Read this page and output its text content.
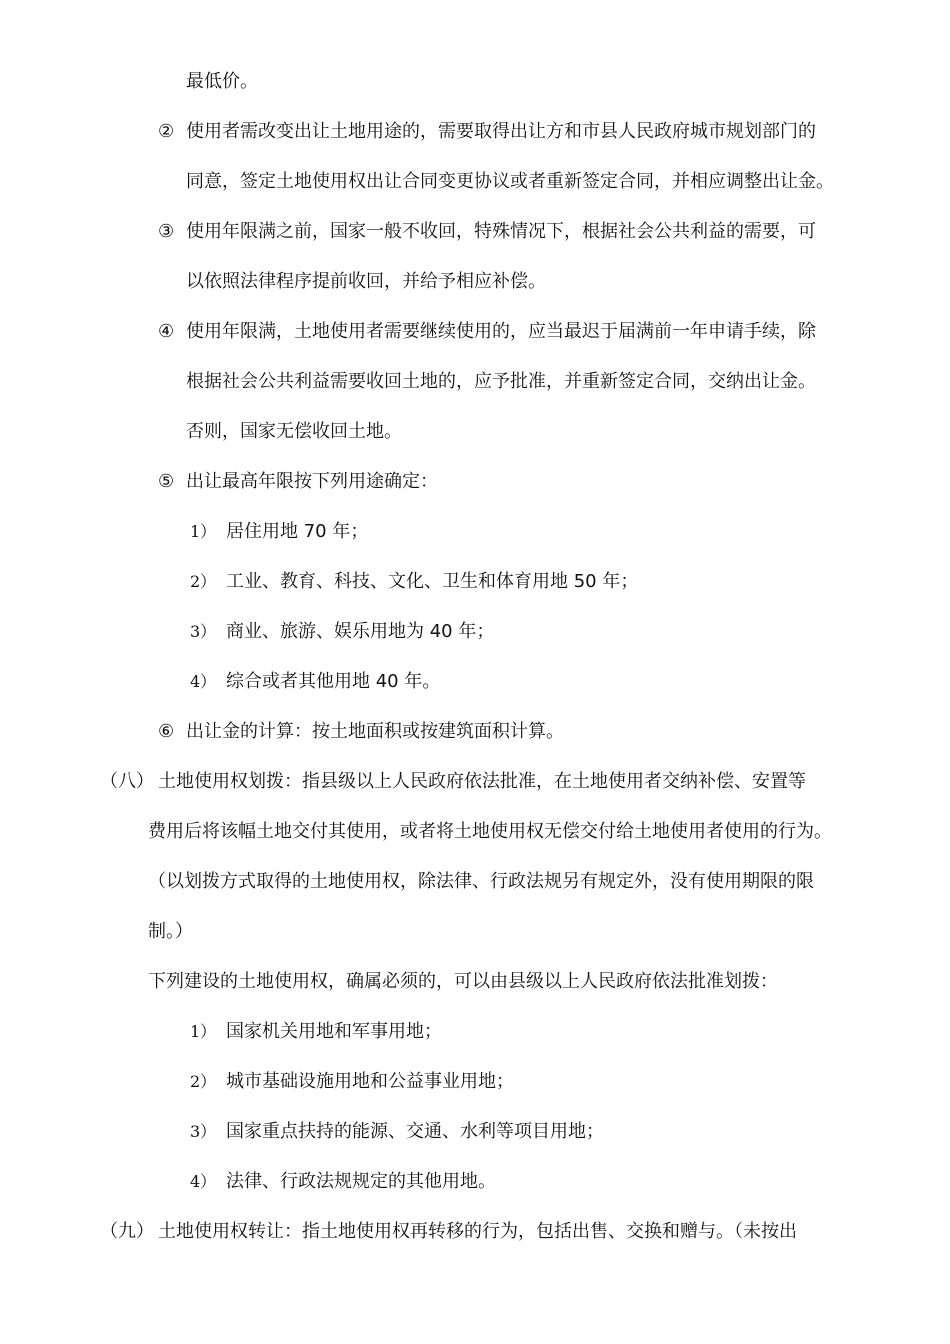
最低价。
② 使用者需改变出让土地用途的，需要取得出让方和市县人民政府城市规划部门的
同意，签定土地使用权出让合同变更协议或者重新签定合同，并相应调整出让金。
③ 使用年限满之前，国家一般不收回，特殊情况下，根据社会公共利益的需要，可
以依照法律程序提前收回，并给予相应补偿。
④ 使用年限满，土地使用者需要继续使用的，应当最迟于届满前一年申请手续，除
根据社会公共利益需要收回土地的，应予批准，并重新签定合同，交纳出让金。
否则，国家无偿收回土地。
⑤ 出让最高年限按下列用途确定：
1） 居住用地 70 年；
2） 工业、教育、科技、文化、卫生和体育用地 50 年；
3） 商业、旅游、娱乐用地为 40 年；
4） 综合或者其他用地 40 年。
⑥ 出让金的计算：按土地面积或按建筑面积计算。
（八） 土地使用权划拨：指县级以上人民政府依法批准，在土地使用者交纳补偿、安置等
费用后将该幅土地交付其使用，或者将土地使用权无偿交付给土地使用者使用的行为。
（以划拨方式取得的土地使用权，除法律、行政法规另有规定外，没有使用期限的限
制。）
下列建设的土地使用权，确属必须的，可以由县级以上人民政府依法批准划拨：
1） 国家机关用地和军事用地；
2） 城市基础设施用地和公益事业用地；
3） 国家重点扶持的能源、交通、水利等项目用地；
4） 法律、行政法规规定的其他用地。
（九） 土地使用权转让：指土地使用权再转移的行为，包括出售、交换和赠与。（未按出
